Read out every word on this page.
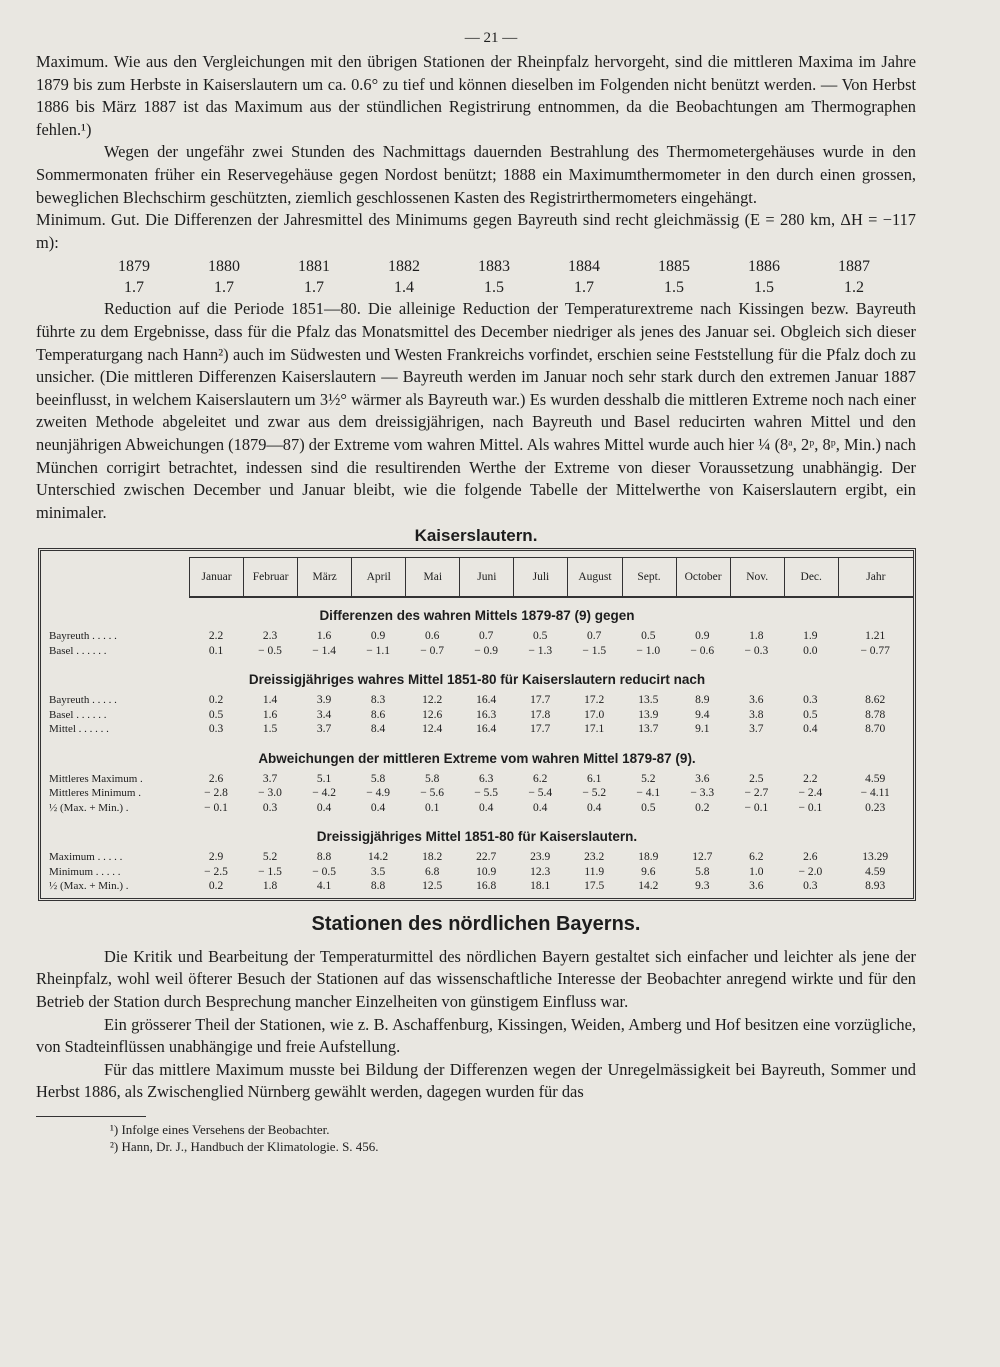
— 21 —

Maximum. Wie aus den Vergleichungen mit den übrigen Stationen der Rheinpfalz hervorgeht, sind die mittleren Maxima im Jahre 1879 bis zum Herbste in Kaiserslautern um ca. 0.6° zu tief und können dieselben im Folgenden nicht benützt werden. — Von Herbst 1886 bis März 1887 ist das Maximum aus der stündlichen Registrirung entnommen, da die Beobachtungen am Thermographen fehlen.¹)

Wegen der ungefähr zwei Stunden des Nachmittags dauernden Bestrahlung des Thermometergehäuses wurde in den Sommermonaten früher ein Reservegehäuse gegen Nordost benützt; 1888 ein Maximumthermometer in den durch einen grossen, beweglichen Blechschirm geschützten, ziemlich geschlossenen Kasten des Registrirthermometers eingehängt.

Minimum. Gut. Die Differenzen der Jahresmittel des Minimums gegen Bayreuth sind recht gleichmässig (E = 280 km, ΔH = −117 m):

1879	1880	1881	1882	1883	1884	1885	1886	1887
1.7	1.7	1.7	1.4	1.5	1.7	1.5	1.5	1.2

Reduction auf die Periode 1851—80. Die alleinige Reduction der Temperaturextreme nach Kissingen bezw. Bayreuth führte zu dem Ergebnisse, dass für die Pfalz das Monatsmittel des December niedriger als jenes des Januar sei. Obgleich sich dieser Temperaturgang nach Hann²) auch im Südwesten und Westen Frankreichs vorfindet, erschien seine Feststellung für die Pfalz doch zu unsicher. (Die mittleren Differenzen Kaiserslautern — Bayreuth werden im Januar noch sehr stark durch den extremen Januar 1887 beeinflusst, in welchem Kaiserslautern um 3½° wärmer als Bayreuth war.) Es wurden desshalb die mittleren Extreme noch nach einer zweiten Methode abgeleitet und zwar aus dem dreissigjährigen, nach Bayreuth und Basel reducirten wahren Mittel und den neunjährigen Abweichungen (1879—87) der Extreme vom wahren Mittel. Als wahres Mittel wurde auch hier ¼ (8ᵃ, 2ᵖ, 8ᵖ, Min.) nach München corrigirt betrachtet, indessen sind die resultirenden Werthe der Extreme von dieser Voraussetzung unabhängig. Der Unterschied zwischen December und Januar bleibt, wie die folgende Tabelle der Mittelwerthe von Kaiserslautern ergibt, ein minimaler.

Kaiserslautern.
Januar	Februar	März	April	Mai	Juni	Juli	August	Sept.	October	Nov.	Dec.	Jahr
Differenzen des wahren Mittels 1879-87 (9) gegen
Bayreuth . . . . .	2.2	2.3	1.6	0.9	0.6	0.7	0.5	0.7	0.5	0.9	1.8	1.9	1.21
Basel . . . . . .	0.1	− 0.5	− 1.4	− 1.1	− 0.7	− 0.9	− 1.3	− 1.5	− 1.0	− 0.6	− 0.3	0.0	− 0.77
Dreissigjähriges wahres Mittel 1851-80 für Kaiserslautern reducirt nach
Bayreuth . . . . .	0.2	1.4	3.9	8.3	12.2	16.4	17.7	17.2	13.5	8.9	3.6	0.3	8.62
Basel . . . . . .	0.5	1.6	3.4	8.6	12.6	16.3	17.8	17.0	13.9	9.4	3.8	0.5	8.78
Mittel . . . . . .	0.3	1.5	3.7	8.4	12.4	16.4	17.7	17.1	13.7	9.1	3.7	0.4	8.70
Abweichungen der mittleren Extreme vom wahren Mittel 1879-87 (9).
Mittleres Maximum .	2.6	3.7	5.1	5.8	5.8	6.3	6.2	6.1	5.2	3.6	2.5	2.2	4.59
Mittleres Minimum .	− 2.8	− 3.0	− 4.2	− 4.9	− 5.6	− 5.5	− 5.4	− 5.2	− 4.1	− 3.3	− 2.7	− 2.4	− 4.11
½ (Max. + Min.) .	− 0.1	0.3	0.4	0.4	0.1	0.4	0.4	0.4	0.5	0.2	− 0.1	− 0.1	0.23
Dreissigjähriges Mittel 1851-80 für Kaiserslautern.
Maximum . . . . .	2.9	5.2	8.8	14.2	18.2	22.7	23.9	23.2	18.9	12.7	6.2	2.6	13.29
Minimum . . . . .	− 2.5	− 1.5	− 0.5	3.5	6.8	10.9	12.3	11.9	9.6	5.8	1.0	− 2.0	4.59
½ (Max. + Min.) .	0.2	1.8	4.1	8.8	12.5	16.8	18.1	17.5	14.2	9.3	3.6	0.3	8.93
Stationen des nördlichen Bayerns.

Die Kritik und Bearbeitung der Temperaturmittel des nördlichen Bayern gestaltet sich einfacher und leichter als jene der Rheinpfalz, wohl weil öfterer Besuch der Stationen auf das wissenschaftliche Interesse der Beobachter anregend wirkte und für den Betrieb der Station durch Besprechung mancher Einzelheiten von günstigem Einfluss war.

Ein grösserer Theil der Stationen, wie z. B. Aschaffenburg, Kissingen, Weiden, Amberg und Hof besitzen eine vorzügliche, von Stadteinflüssen unabhängige und freie Aufstellung.

Für das mittlere Maximum musste bei Bildung der Differenzen wegen der Unregelmässigkeit bei Bayreuth, Sommer und Herbst 1886, als Zwischenglied Nürnberg gewählt werden, dagegen wurden für das

¹) Infolge eines Versehens der Beobachter.
²) Hann, Dr. J., Handbuch der Klimatologie. S. 456.
